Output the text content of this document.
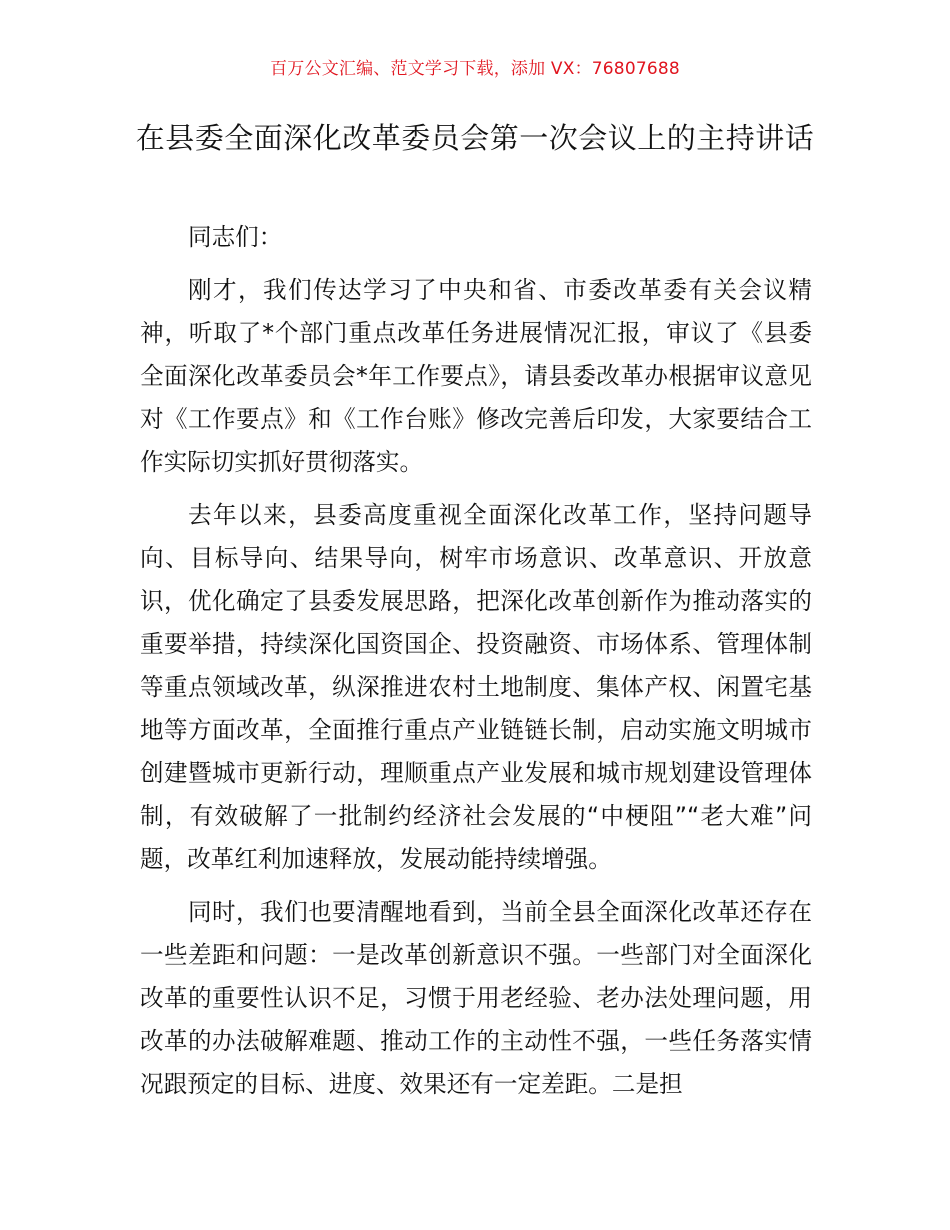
百万公文汇编、范文学习下载，添加 VX：76807688
在县委全面深化改革委员会第一次会议上的主持讲话

同志们：

刚才，我们传达学习了中央和省、市委改革委有关会议精神，听取了*个部门重点改革任务进展情况汇报，审议了《县委全面深化改革委员会*年工作要点》，请县委改革办根据审议意见对《工作要点》和《工作台账》修改完善后印发，大家要结合工作实际切实抓好贯彻落实。

去年以来，县委高度重视全面深化改革工作，坚持问题导向、目标导向、结果导向，树牢市场意识、改革意识、开放意识，优化确定了县委发展思路，把深化改革创新作为推动落实的重要举措，持续深化国资国企、投资融资、市场体系、管理体制等重点领域改革，纵深推进农村土地制度、集体产权、闲置宅基地等方面改革，全面推行重点产业链链长制，启动实施文明城市创建暨城市更新行动，理顺重点产业发展和城市规划建设管理体制，有效破解了一批制约经济社会发展的“中梗阻”“老大难”问题，改革红利加速释放，发展动能持续增强。

同时，我们也要清醒地看到，当前全县全面深化改革还存在一些差距和问题：一是改革创新意识不强。一些部门对全面深化改革的重要性认识不足，习惯于用老经验、老办法处理问题，用改革的办法破解难题、推动工作的主动性不强，一些任务落实情况跟预定的目标、进度、效果还有一定差距。二是担
